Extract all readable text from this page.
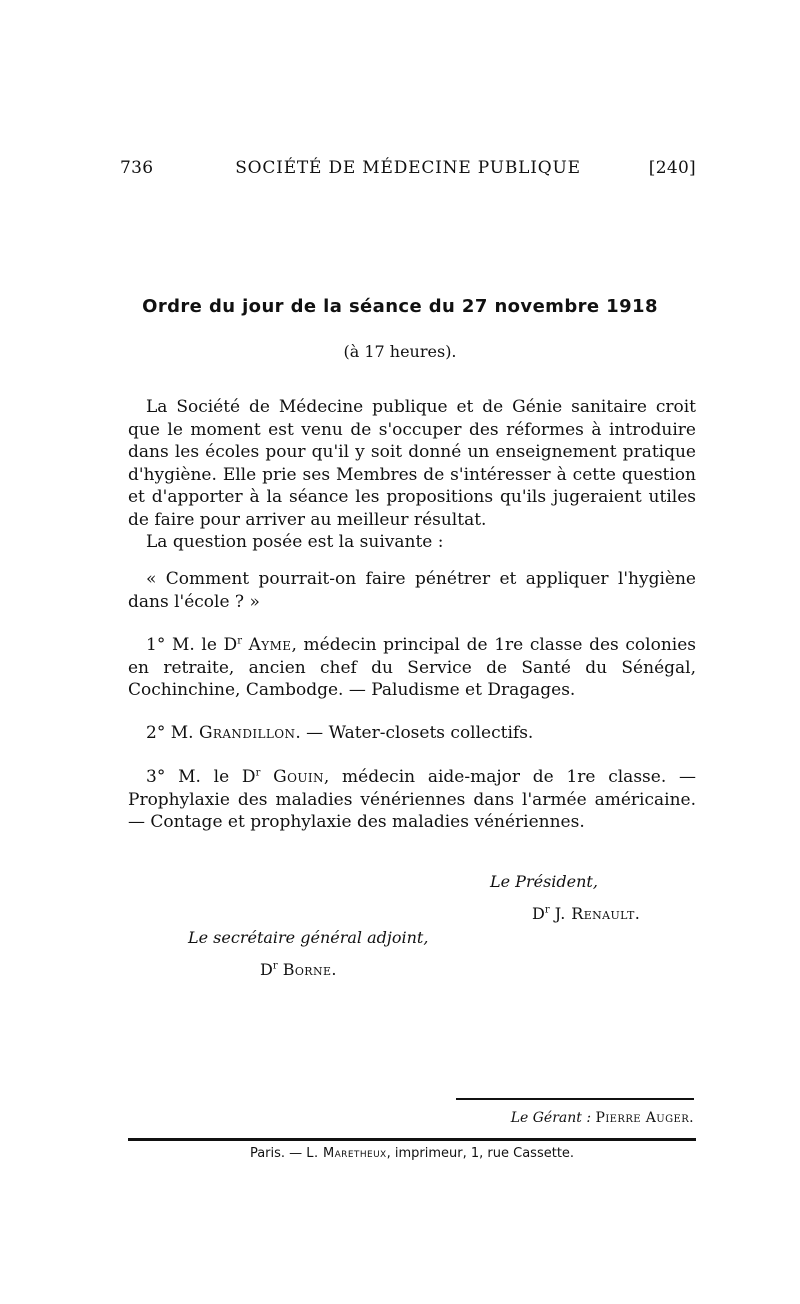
736	SOCIÉTÉ DE MÉDECINE PUBLIQUE	[240]
Ordre du jour de la séance du 27 novembre 1918
(à 17 heures).

La Société de Médecine publique et de Génie sanitaire croit que le moment est venu de s'occuper des réformes à introduire dans les écoles pour qu'il y soit donné un enseignement pratique d'hygiène. Elle prie ses Membres de s'intéresser à cette question et d'apporter à la séance les propositions qu'ils jugeraient utiles de faire pour arriver au meilleur résultat.

La question posée est la suivante :

« Comment pourrait-on faire pénétrer et appliquer l'hygiène dans l'école ? »

1° M. le $D^r$ Ayme, médecin principal de 1re classe des colonies en retraite, ancien chef du Service de Santé du Sénégal, Cochinchine, Cambodge. — Paludisme et Dragages.

2° M. Grandillon. — Water-closets collectifs.

3° M. le $D^r$ Gouin, médecin aide-major de 1re classe. — Prophylaxie des maladies vénériennes dans l'armée américaine. — Contage et prophylaxie des maladies vénériennes.

Le Président,
$D^r$ J. Renault.
Le secrétaire général adjoint,
$D^r$ Borne.
Le Gérant : Pierre Auger.
Paris. — L. Maretheux, imprimeur, 1, rue Cassette.
